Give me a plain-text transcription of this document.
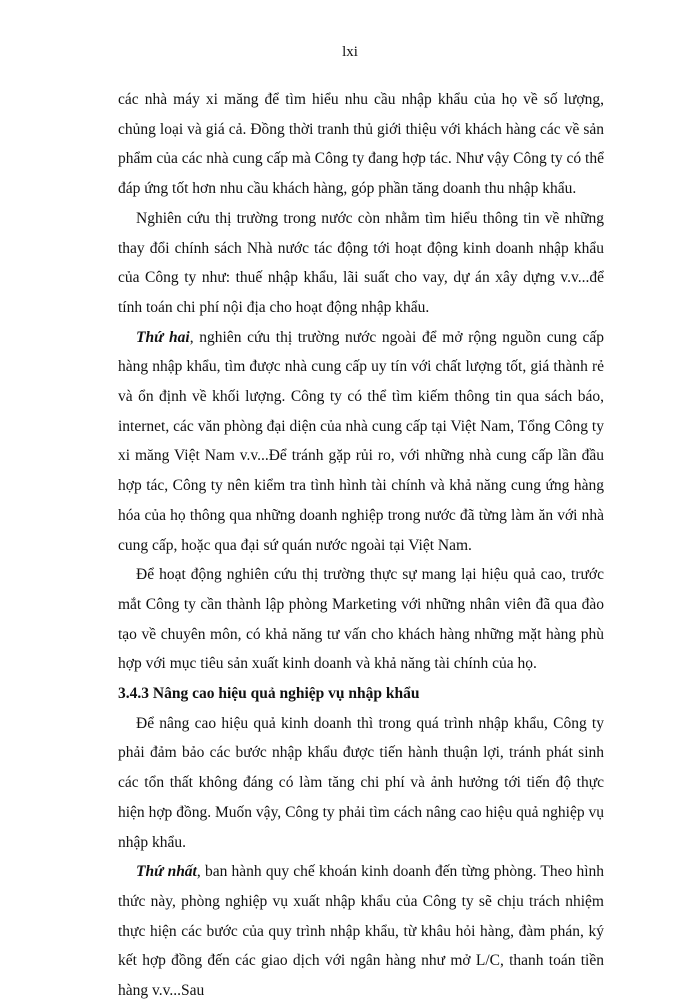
lxi

các nhà máy xi măng để tìm hiểu nhu cầu nhập khẩu của họ về số lượng, chủng loại và giá cả. Đồng thời tranh thủ giới thiệu với khách hàng các về sản phẩm của các nhà cung cấp mà Công ty đang hợp tác. Như vậy Công ty có thể đáp ứng tốt hơn nhu cầu khách hàng, góp phần tăng doanh thu nhập khẩu.

Nghiên cứu thị trường trong nước còn nhằm tìm hiểu thông tin về những thay đổi chính sách Nhà nước tác động tới hoạt động kinh doanh nhập khẩu của Công ty như: thuế nhập khẩu, lãi suất cho vay, dự án xây dựng v.v...để tính toán chi phí nội địa cho hoạt động nhập khẩu.

Thứ hai, nghiên cứu thị trường nước ngoài để mở rộng nguồn cung cấp hàng nhập khẩu, tìm được nhà cung cấp uy tín với chất lượng tốt, giá thành rẻ và ổn định về khối lượng. Công ty có thể tìm kiếm thông tin qua sách báo, internet, các văn phòng đại diện của nhà cung cấp tại Việt Nam, Tổng Công ty xi măng Việt Nam v.v...Để tránh gặp rủi ro, với những nhà cung cấp lần đầu hợp tác, Công ty nên kiểm tra tình hình tài chính và khả năng cung ứng hàng hóa của họ thông qua những doanh nghiệp trong nước đã từng làm ăn với nhà cung cấp, hoặc qua đại sứ quán nước ngoài tại Việt Nam.

Để hoạt động nghiên cứu thị trường thực sự mang lại hiệu quả cao, trước mắt Công ty cần thành lập phòng Marketing với những nhân viên đã qua đào tạo về chuyên môn, có khả năng tư vấn cho khách hàng những mặt hàng phù hợp với mục tiêu sản xuất kinh doanh và khả năng tài chính của họ.

3.4.3 Nâng cao hiệu quả nghiệp vụ nhập khẩu

Để nâng cao hiệu quả kinh doanh thì trong quá trình nhập khẩu, Công ty phải đảm bảo các bước nhập khẩu được tiến hành thuận lợi, tránh phát sinh các tổn thất không đáng có làm tăng chi phí và ảnh hưởng tới tiến độ thực hiện hợp đồng. Muốn vậy, Công ty phải tìm cách nâng cao hiệu quả nghiệp vụ nhập khẩu.

Thứ nhất, ban hành quy chế khoán kinh doanh đến từng phòng. Theo hình thức này, phòng nghiệp vụ xuất nhập khẩu của Công ty sẽ chịu trách nhiệm thực hiện các bước của quy trình nhập khẩu, từ khâu hỏi hàng, đàm phán, ký kết hợp đồng đến các giao dịch với ngân hàng như mở L/C, thanh toán tiền hàng v.v...Sau
